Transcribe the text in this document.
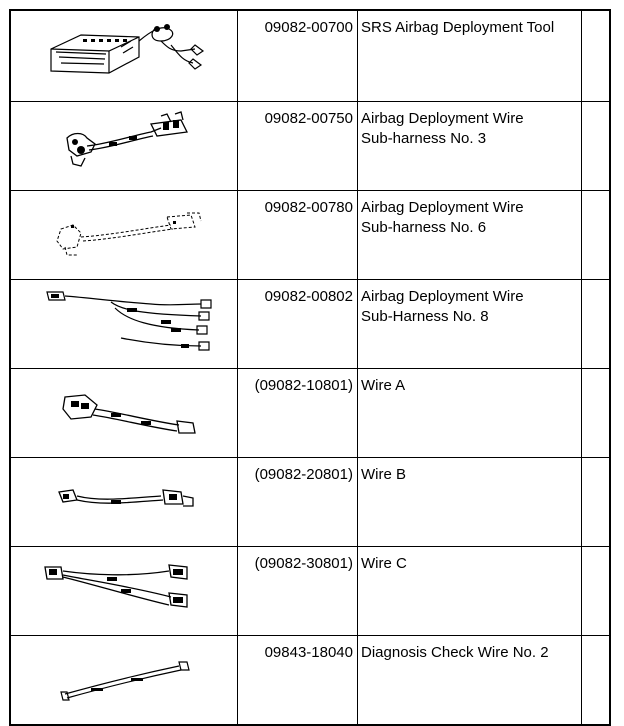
	09082-00700	SRS Airbag Deployment Tool	

	09082-00750	Airbag Deployment Wire
Sub-harness No. 3	

	09082-00780	Airbag Deployment Wire
Sub-harness No. 6	

	09082-00802	Airbag Deployment Wire
Sub-Harness No. 8	

	(09082-10801)	Wire A	

	(09082-20801)	Wire B	

	(09082-30801)	Wire C	

	09843-18040	Diagnosis Check Wire No. 2	
